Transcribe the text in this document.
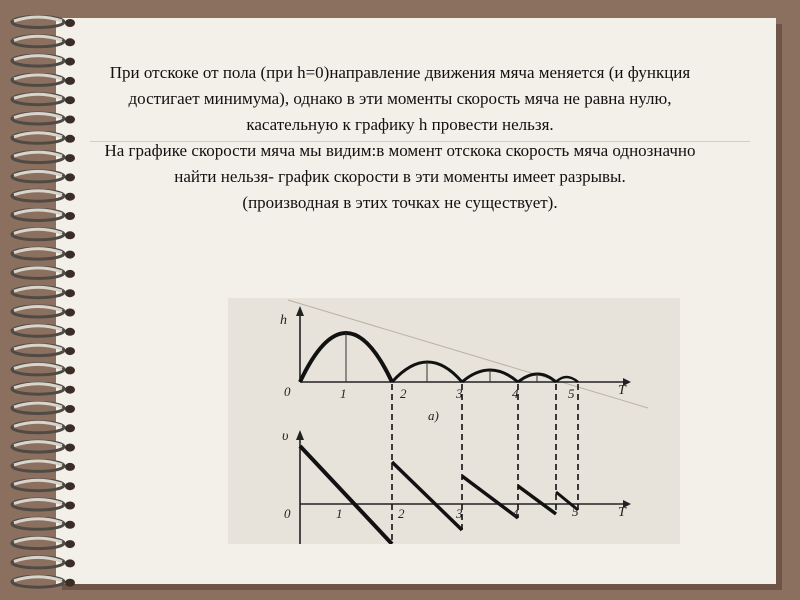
При отскоке от пола (при h=0)направление движения мяча меняется (и функция достигает минимума), однако в эти моменты скорость мяча не равна нулю, касательную к графику h провести нельзя.

На графике скорости мяча мы видим:в момент отскока скорость мяча однозначно найти нельзя- график скорости в эти моменты имеет разрывы.

(производная в этих точках не существует).

h
T
0	1	2	3	4	5
a)
υ
T
0	1	2	3	4	5
